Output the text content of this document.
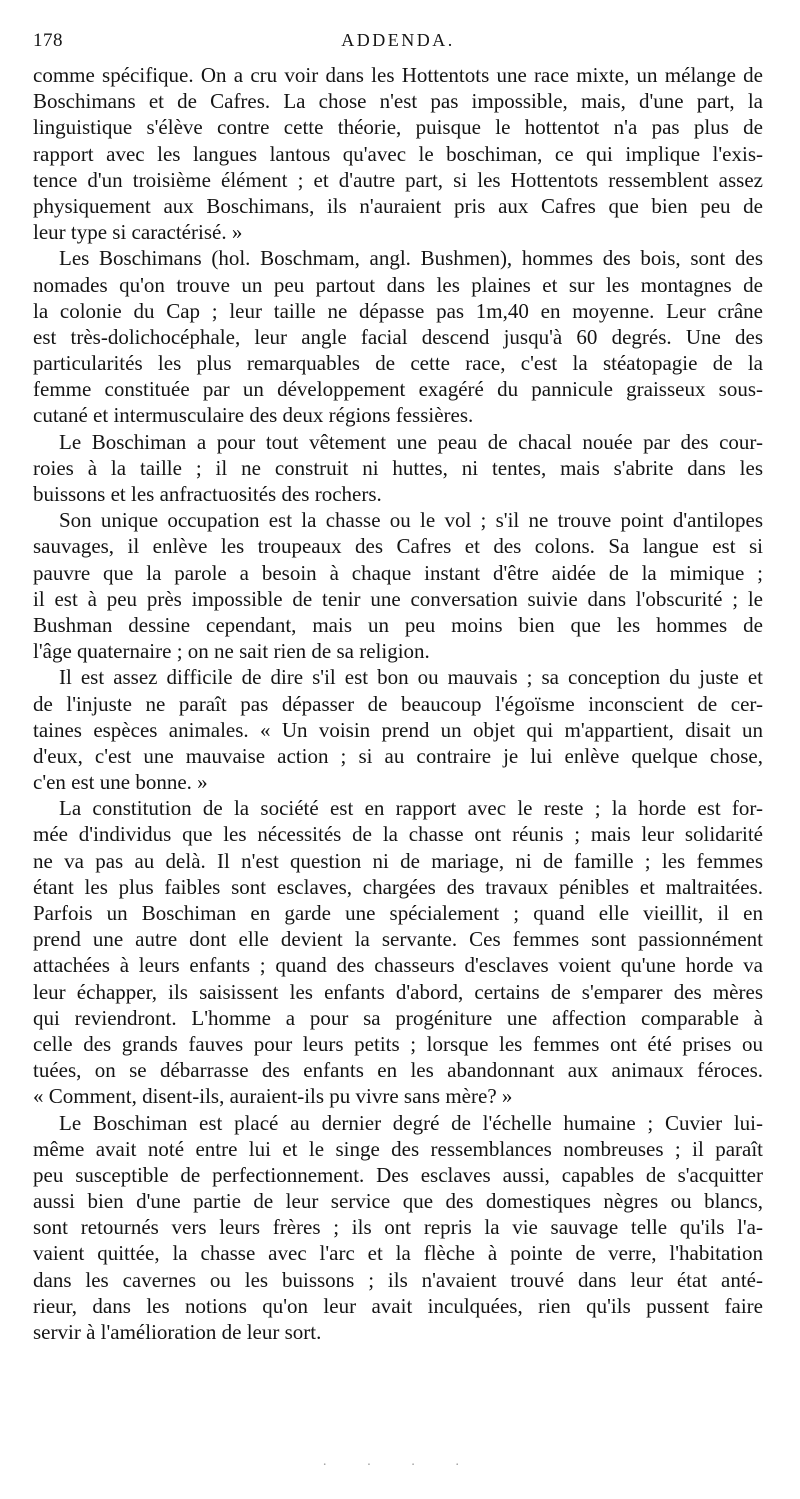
178	ADDENDA.
comme spécifique. On a cru voir dans les Hottentots une race mixte, un mélange de
Boschimans et de Cafres. La chose n'est pas impossible, mais, d'une part, la
linguistique s'élève contre cette théorie, puisque le hottentot n'a pas plus de
rapport avec les langues lantous qu'avec le boschiman, ce qui implique l'exis-
tence d'un troisième élément ; et d'autre part, si les Hottentots ressemblent assez
physiquement aux Boschimans, ils n'auraient pris aux Cafres que bien peu de
leur type si caractérisé. »
Les Boschimans (hol. Boschmam, angl. Bushmen), hommes des bois, sont des
nomades qu'on trouve un peu partout dans les plaines et sur les montagnes de
la colonie du Cap ; leur taille ne dépasse pas 1m,40 en moyenne. Leur crâne
est très-dolichocéphale, leur angle facial descend jusqu'à 60 degrés. Une des
particularités les plus remarquables de cette race, c'est la stéatopagie de la
femme constituée par un développement exagéré du pannicule graisseux sous-
cutané et intermusculaire des deux régions fessières.
Le Boschiman a pour tout vêtement une peau de chacal nouée par des cour-
roies à la taille ; il ne construit ni huttes, ni tentes, mais s'abrite dans les
buissons et les anfractuosités des rochers.
Son unique occupation est la chasse ou le vol ; s'il ne trouve point d'antilopes
sauvages, il enlève les troupeaux des Cafres et des colons. Sa langue est si
pauvre que la parole a besoin à chaque instant d'être aidée de la mimique ;
il est à peu près impossible de tenir une conversation suivie dans l'obscurité ; le
Bushman dessine cependant, mais un peu moins bien que les hommes de
l'âge quaternaire ; on ne sait rien de sa religion.
Il est assez difficile de dire s'il est bon ou mauvais ; sa conception du juste et
de l'injuste ne paraît pas dépasser de beaucoup l'égoïsme inconscient de cer-
taines espèces animales. « Un voisin prend un objet qui m'appartient, disait un
d'eux, c'est une mauvaise action ; si au contraire je lui enlève quelque chose,
c'en est une bonne. »
La constitution de la société est en rapport avec le reste ; la horde est for-
mée d'individus que les nécessités de la chasse ont réunis ; mais leur solidarité
ne va pas au delà. Il n'est question ni de mariage, ni de famille ; les femmes
étant les plus faibles sont esclaves, chargées des travaux pénibles et maltraitées.
Parfois un Boschiman en garde une spécialement ; quand elle vieillit, il en
prend une autre dont elle devient la servante. Ces femmes sont passionnément
attachées à leurs enfants ; quand des chasseurs d'esclaves voient qu'une horde va
leur échapper, ils saisissent les enfants d'abord, certains de s'emparer des mères
qui reviendront. L'homme a pour sa progéniture une affection comparable à
celle des grands fauves pour leurs petits ; lorsque les femmes ont été prises ou
tuées, on se débarrasse des enfants en les abandonnant aux animaux féroces.
« Comment, disent-ils, auraient-ils pu vivre sans mère? »
Le Boschiman est placé au dernier degré de l'échelle humaine ; Cuvier lui-
même avait noté entre lui et le singe des ressemblances nombreuses ; il paraît
peu susceptible de perfectionnement. Des esclaves aussi, capables de s'acquitter
aussi bien d'une partie de leur service que des domestiques nègres ou blancs,
sont retournés vers leurs frères ; ils ont repris la vie sauvage telle qu'ils l'a-
vaient quittée, la chasse avec l'arc et la flèche à pointe de verre, l'habitation
dans les cavernes ou les buissons ; ils n'avaient trouvé dans leur état anté-
rieur, dans les notions qu'on leur avait inculquées, rien qu'ils pussent faire
servir à l'amélioration de leur sort.
· · · ·
